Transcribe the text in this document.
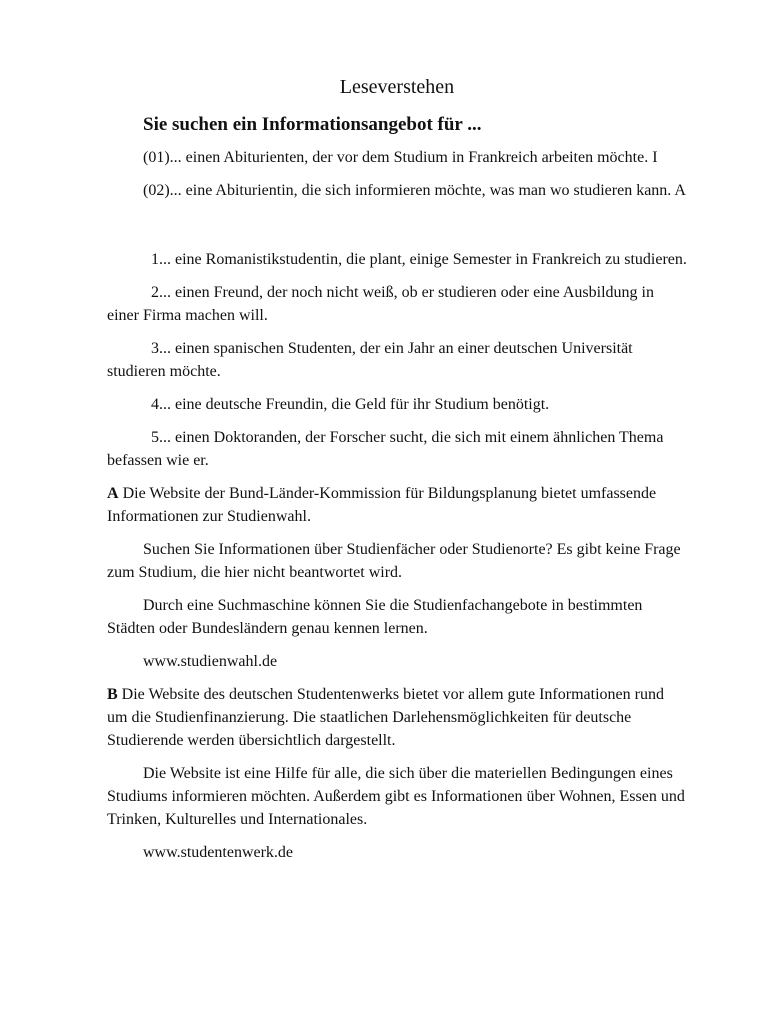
Leseverstehen
Sie suchen ein Informationsangebot für ...

(01)... einen Abiturienten, der vor dem Studium in Frankreich arbeiten möchte. I

(02)... eine Abiturientin, die sich informieren möchte, was man wo studieren kann. A

1... eine Romanistikstudentin, die plant, einige Semester in Frankreich zu studieren.

2... einen Freund, der noch nicht weiß, ob er studieren oder eine Ausbildung in einer Firma machen will.

3... einen spanischen Studenten, der ein Jahr an einer deutschen Universität studieren möchte.

4... eine deutsche Freundin, die Geld für ihr Studium benötigt.

5... einen Doktoranden, der Forscher sucht, die sich mit einem ähnlichen Thema befassen wie er.

A Die Website der Bund-Länder-Kommission für Bildungsplanung bietet umfassende Informationen zur Studienwahl.

Suchen Sie Informationen über Studienfächer oder Studienorte? Es gibt keine Frage zum Studium, die hier nicht beantwortet wird.

Durch eine Suchmaschine können Sie die Studienfachangebote in bestimmten Städten oder Bundesländern genau kennen lernen.

www.studienwahl.de

B Die Website des deutschen Studentenwerks bietet vor allem gute Informationen rund um die Studienfinanzierung. Die staatlichen Darlehensmöglichkeiten für deutsche Studierende werden übersichtlich dargestellt.

Die Website ist eine Hilfe für alle, die sich über die materiellen Bedingungen eines Studiums informieren möchten. Außerdem gibt es Informationen über Wohnen, Essen und Trinken, Kulturelles und Internationales.

www.studentenwerk.de
